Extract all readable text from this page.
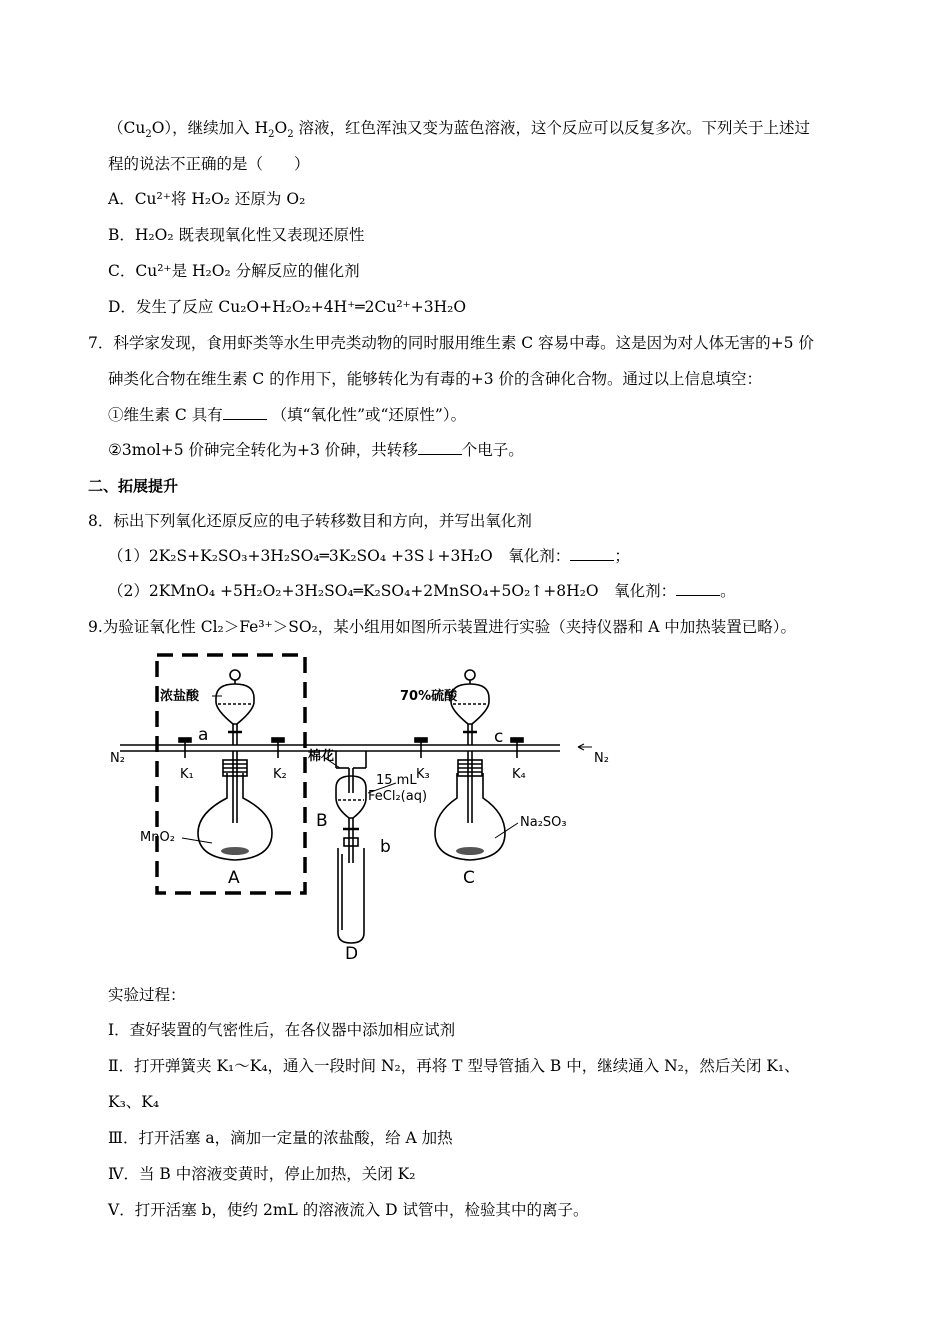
$(Cu_2O)$，继续加入 $H_2O_2$ 溶液，红色浑浊又变为蓝色溶液，这个反应可以反复多次。下列关于上述过
程的说法不正确的是（　　）
A．Cu²⁺将 H₂O₂ 还原为 O₂
B．H₂O₂ 既表现氧化性又表现还原性
C．Cu²⁺是 H₂O₂ 分解反应的催化剂
D．发生了反应 Cu₂O+H₂O₂+4H⁺═2Cu²⁺+3H₂O
7．科学家发现，食用虾类等水生甲壳类动物的同时服用维生素 C 容易中毒。这是因为对人体无害的+5 价
砷类化合物在维生素 C 的作用下，能够转化为有毒的+3 价的含砷化合物。通过以上信息填空：
①维生素 C 具有	（填“氧化性”或“还原性”）。
②3mol+5 价砷完全转化为+3 价砷，共转移	个电子。
二、拓展提升
8．标出下列氧化还原反应的电子转移数目和方向，并写出氧化剂
（1）2K₂S+K₂SO₃+3H₂SO₄═3K₂SO₄ +3S↓+3H₂O　 氧化剂：	；
（2）2KMnO₄ +5H₂O₂+3H₂SO₄═K₂SO₄+2MnSO₄+5O₂↑+8H₂O　 氧化剂：	。
9.为验证氧化性 Cl₂＞Fe³⁺＞SO₂，某小组用如图所示装置进行实验（夹持仪器和 A 中加热装置已略）。
N₂	N₂
浓盐酸	70%硫酸
a	c
K₁	K₂	K₃	K₄
棉花
15 mL
FeCl₂(aq)
MnO₂
Na₂SO₃
B
b
A	C
D
实验过程：
Ⅰ．查好装置的气密性后，在各仪器中添加相应试剂
Ⅱ．打开弹簧夹 K₁～K₄，通入一段时间 N₂，再将 T 型导管插入 B 中，继续通入 N₂，然后关闭 K₁、
K₃、K₄
Ⅲ．打开活塞 a，滴加一定量的浓盐酸，给 A 加热
Ⅳ．当 B 中溶液变黄时，停止加热，关闭 K₂
Ⅴ．打开活塞 b，使约 2mL 的溶液流入 D 试管中，检验其中的离子。
